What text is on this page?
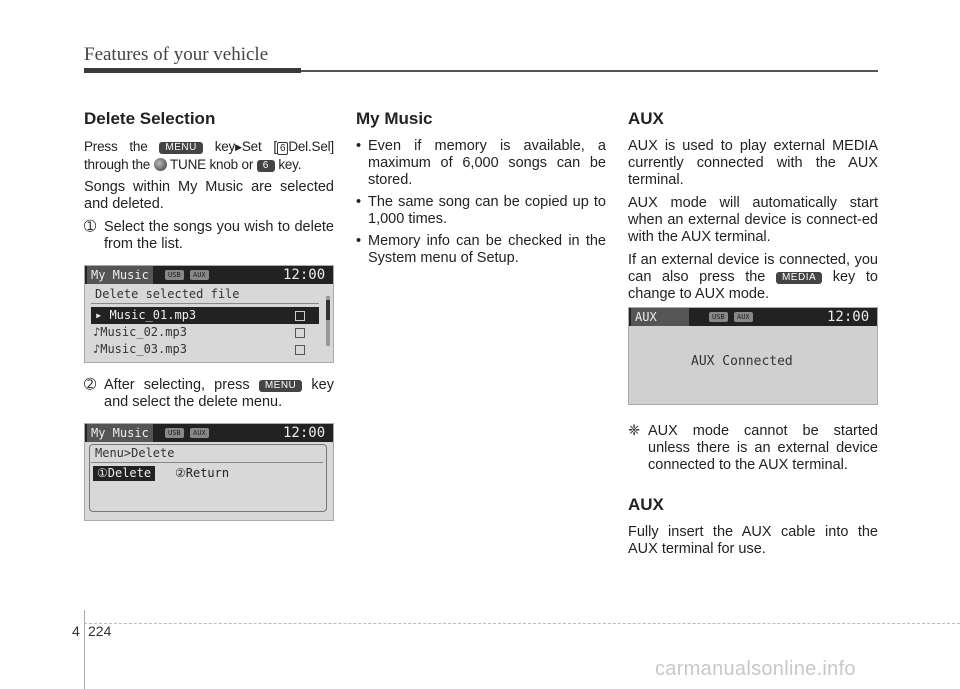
Features of your vehicle
Delete Selection

Press the MENU key▶Set [ 6 Del.Sel] through the TUNE knob or 6 key.

Songs within My Music are selected and deleted.

➀ Select the songs you wish to delete from the list.
My Music	USB	AUX	12:00
Delete selected file
▸ Music_01.mp3
♪Music_02.mp3
♪Music_03.mp3
➁ After selecting, press MENU key and select the delete menu.
My Music	USB	AUX	12:00
Menu>Delete
①Delete	②Return
My Music
• Even if memory is available, a maximum of 6,000 songs can be stored.
• The same song can be copied up to 1,000 times.
• Memory info can be checked in the System menu of Setup.
AUX

AUX is used to play external MEDIA currently connected with the AUX terminal.

AUX mode will automatically start when an external device is connect-ed with the AUX terminal.

If an external device is connected, you can also press the MEDIA key to change to AUX mode.

AUX	USB	AUX	12:00
AUX Connected
❈ AUX mode cannot be started unless there is an external device connected to the AUX terminal.
AUX

Fully insert the AUX cable into the AUX terminal for use.

4 224
carmanualsonline.info
